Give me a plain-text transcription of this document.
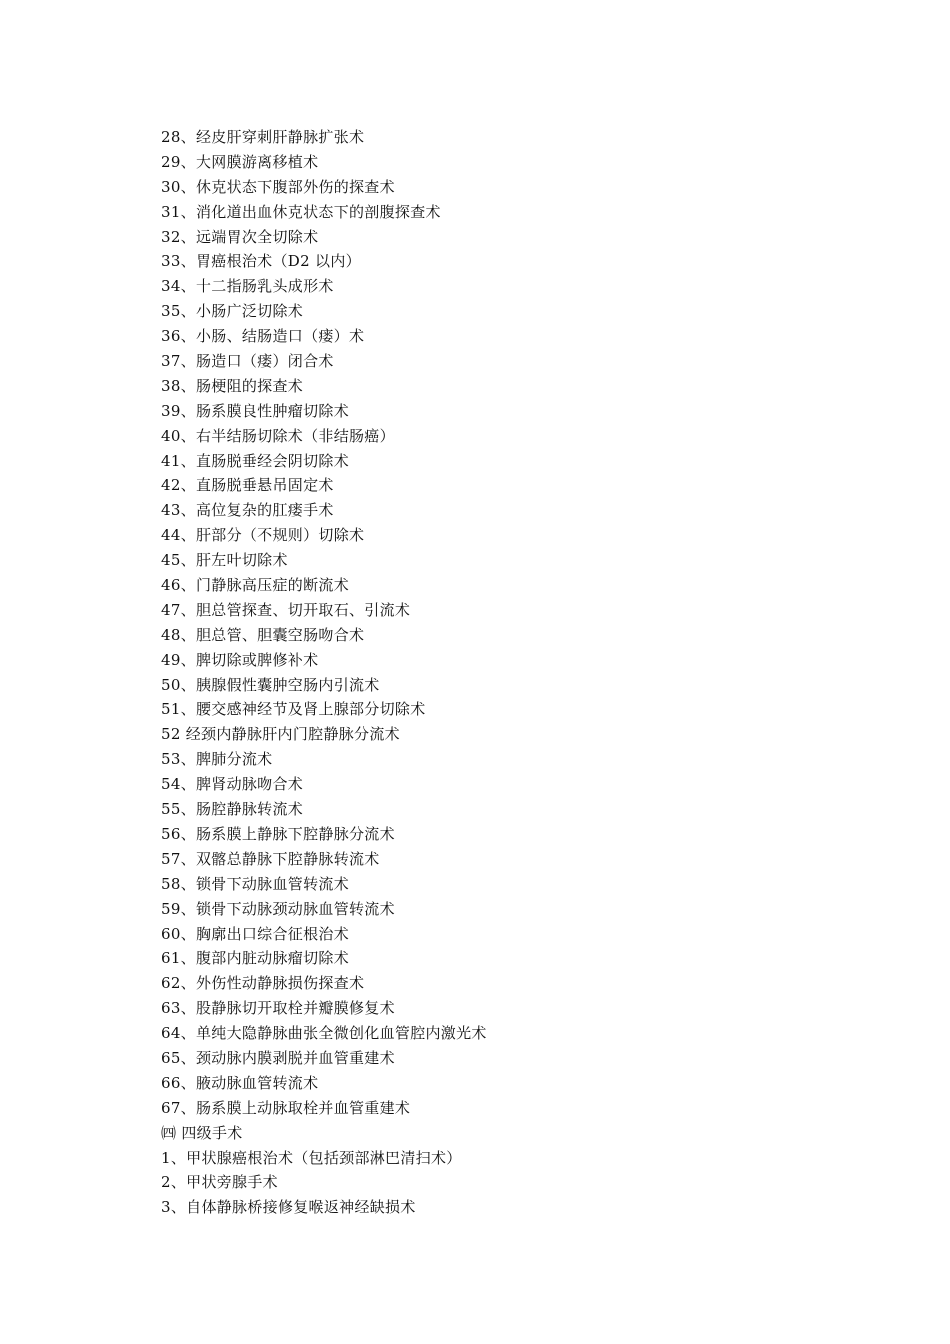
28、经皮肝穿刺肝静脉扩张术
29、大网膜游离移植术
30、休克状态下腹部外伤的探查术
31、消化道出血休克状态下的剖腹探查术
32、远端胃次全切除术
33、胃癌根治术（D2 以内）
34、十二指肠乳头成形术
35、小肠广泛切除术
36、小肠、结肠造口（瘘）术
37、肠造口（瘘）闭合术
38、肠梗阻的探查术
39、肠系膜良性肿瘤切除术
40、右半结肠切除术（非结肠癌）
41、直肠脱垂经会阴切除术
42、直肠脱垂悬吊固定术
43、高位复杂的肛瘘手术
44、肝部分（不规则）切除术
45、肝左叶切除术
46、门静脉高压症的断流术
47、胆总管探查、切开取石、引流术
48、胆总管、胆囊空肠吻合术
49、脾切除或脾修补术
50、胰腺假性囊肿空肠内引流术
51、腰交感神经节及肾上腺部分切除术
52 经颈内静脉肝内门腔静脉分流术
53、脾肺分流术
54、脾肾动脉吻合术
55、肠腔静脉转流术
56、肠系膜上静脉下腔静脉分流术
57、双髂总静脉下腔静脉转流术
58、锁骨下动脉血管转流术
59、锁骨下动脉颈动脉血管转流术
60、胸廓出口综合征根治术
61、腹部内脏动脉瘤切除术
62、外伤性动静脉损伤探查术
63、股静脉切开取栓并瓣膜修复术
64、单纯大隐静脉曲张全微创化血管腔内激光术
65、颈动脉内膜剥脱并血管重建术
66、腋动脉血管转流术
67、肠系膜上动脉取栓并血管重建术
㈣ 四级手术
1、甲状腺癌根治术（包括颈部淋巴清扫术）
2、甲状旁腺手术
3、自体静脉桥接修复喉返神经缺损术
